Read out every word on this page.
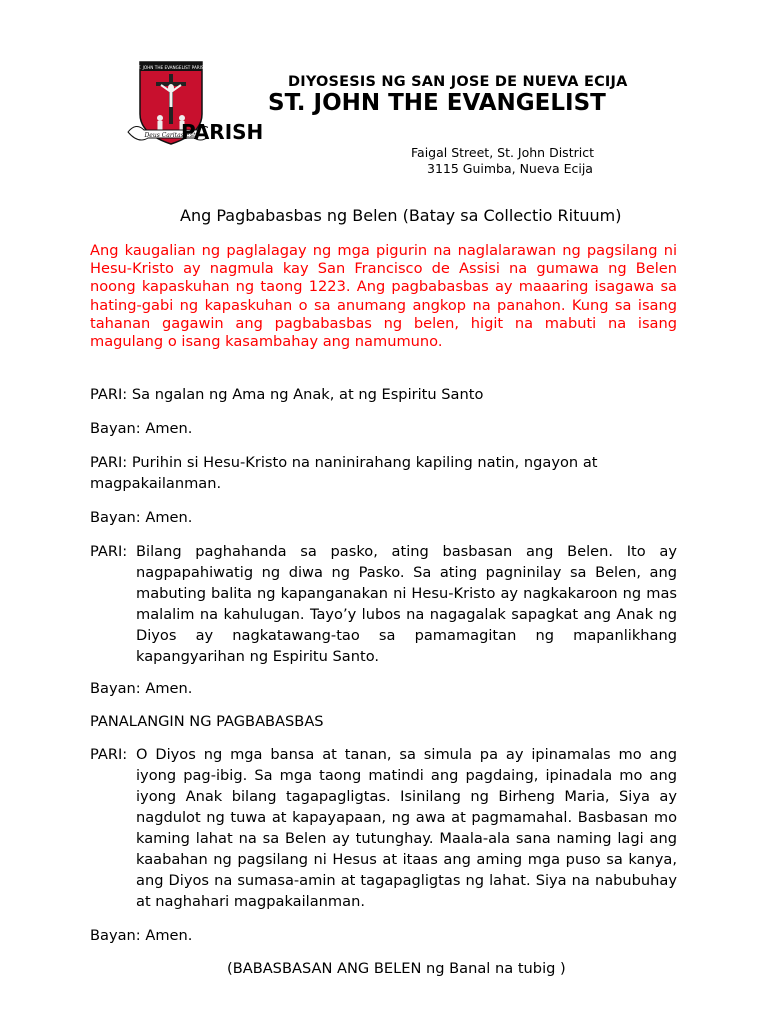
ST. JOHN THE EVANGELIST PARISH
Deus Caritas Est
DIYOSESIS NG SAN JOSE DE NUEVA ECIJA
ST. JOHN THE EVANGELIST
PARISH
Faigal Street, St. John District
3115 Guimba, Nueva Ecija
Ang Pagbabasbas ng Belen (Batay sa Collectio Rituum)
Ang kaugalian ng paglalagay ng mga pigurin na naglalarawan ng pagsilang ni Hesu-Kristo ay nagmula kay San Francisco de Assisi na gumawa ng Belen noong kapaskuhan ng taong 1223. Ang pagbabasbas ay maaaring isagawa sa hating-gabi ng kapaskuhan o sa anumang angkop na panahon. Kung sa isang tahanan gagawin ang pagbabasbas ng belen, higit na mabuti na isang magulang o isang kasambahay ang namumuno.
PARI: Sa ngalan ng Ama ng Anak, at ng Espiritu Santo
Bayan: Amen.
PARI: Purihin si Hesu-Kristo na naninirahang kapiling natin, ngayon at magpakailanman.
Bayan: Amen.
PARI: Bilang paghahanda sa pasko, ating basbasan ang Belen. Ito ay nagpapahiwatig ng diwa ng Pasko. Sa ating pagninilay sa Belen, ang mabuting balita ng kapanganakan ni Hesu-Kristo ay nagkakaroon ng mas malalim na kahulugan. Tayo’y lubos na nagagalak sapagkat ang Anak ng Diyos ay nagkatawang-tao sa pamamagitan ng mapanlikhang kapangyarihan ng Espiritu Santo.
Bayan: Amen.
PANALANGIN NG PAGBABASBAS
PARI: O Diyos ng mga bansa at tanan, sa simula pa ay ipinamalas mo ang iyong pag-ibig. Sa mga taong matindi ang pagdaing, ipinadala mo ang iyong Anak bilang tagapagligtas. Isinilang ng Birheng Maria, Siya ay nagdulot ng tuwa at kapayapaan, ng awa at pagmamahal. Basbasan mo kaming lahat na sa Belen ay tutunghay. Maala-ala sana naming lagi ang kaabahan ng pagsilang ni Hesus at itaas ang aming mga puso sa kanya, ang Diyos na sumasa-amin at tagapagligtas ng lahat. Siya na nabubuhay at naghahari magpakailanman.
Bayan: Amen.
(BABASBASAN ANG BELEN ng Banal na tubig )
